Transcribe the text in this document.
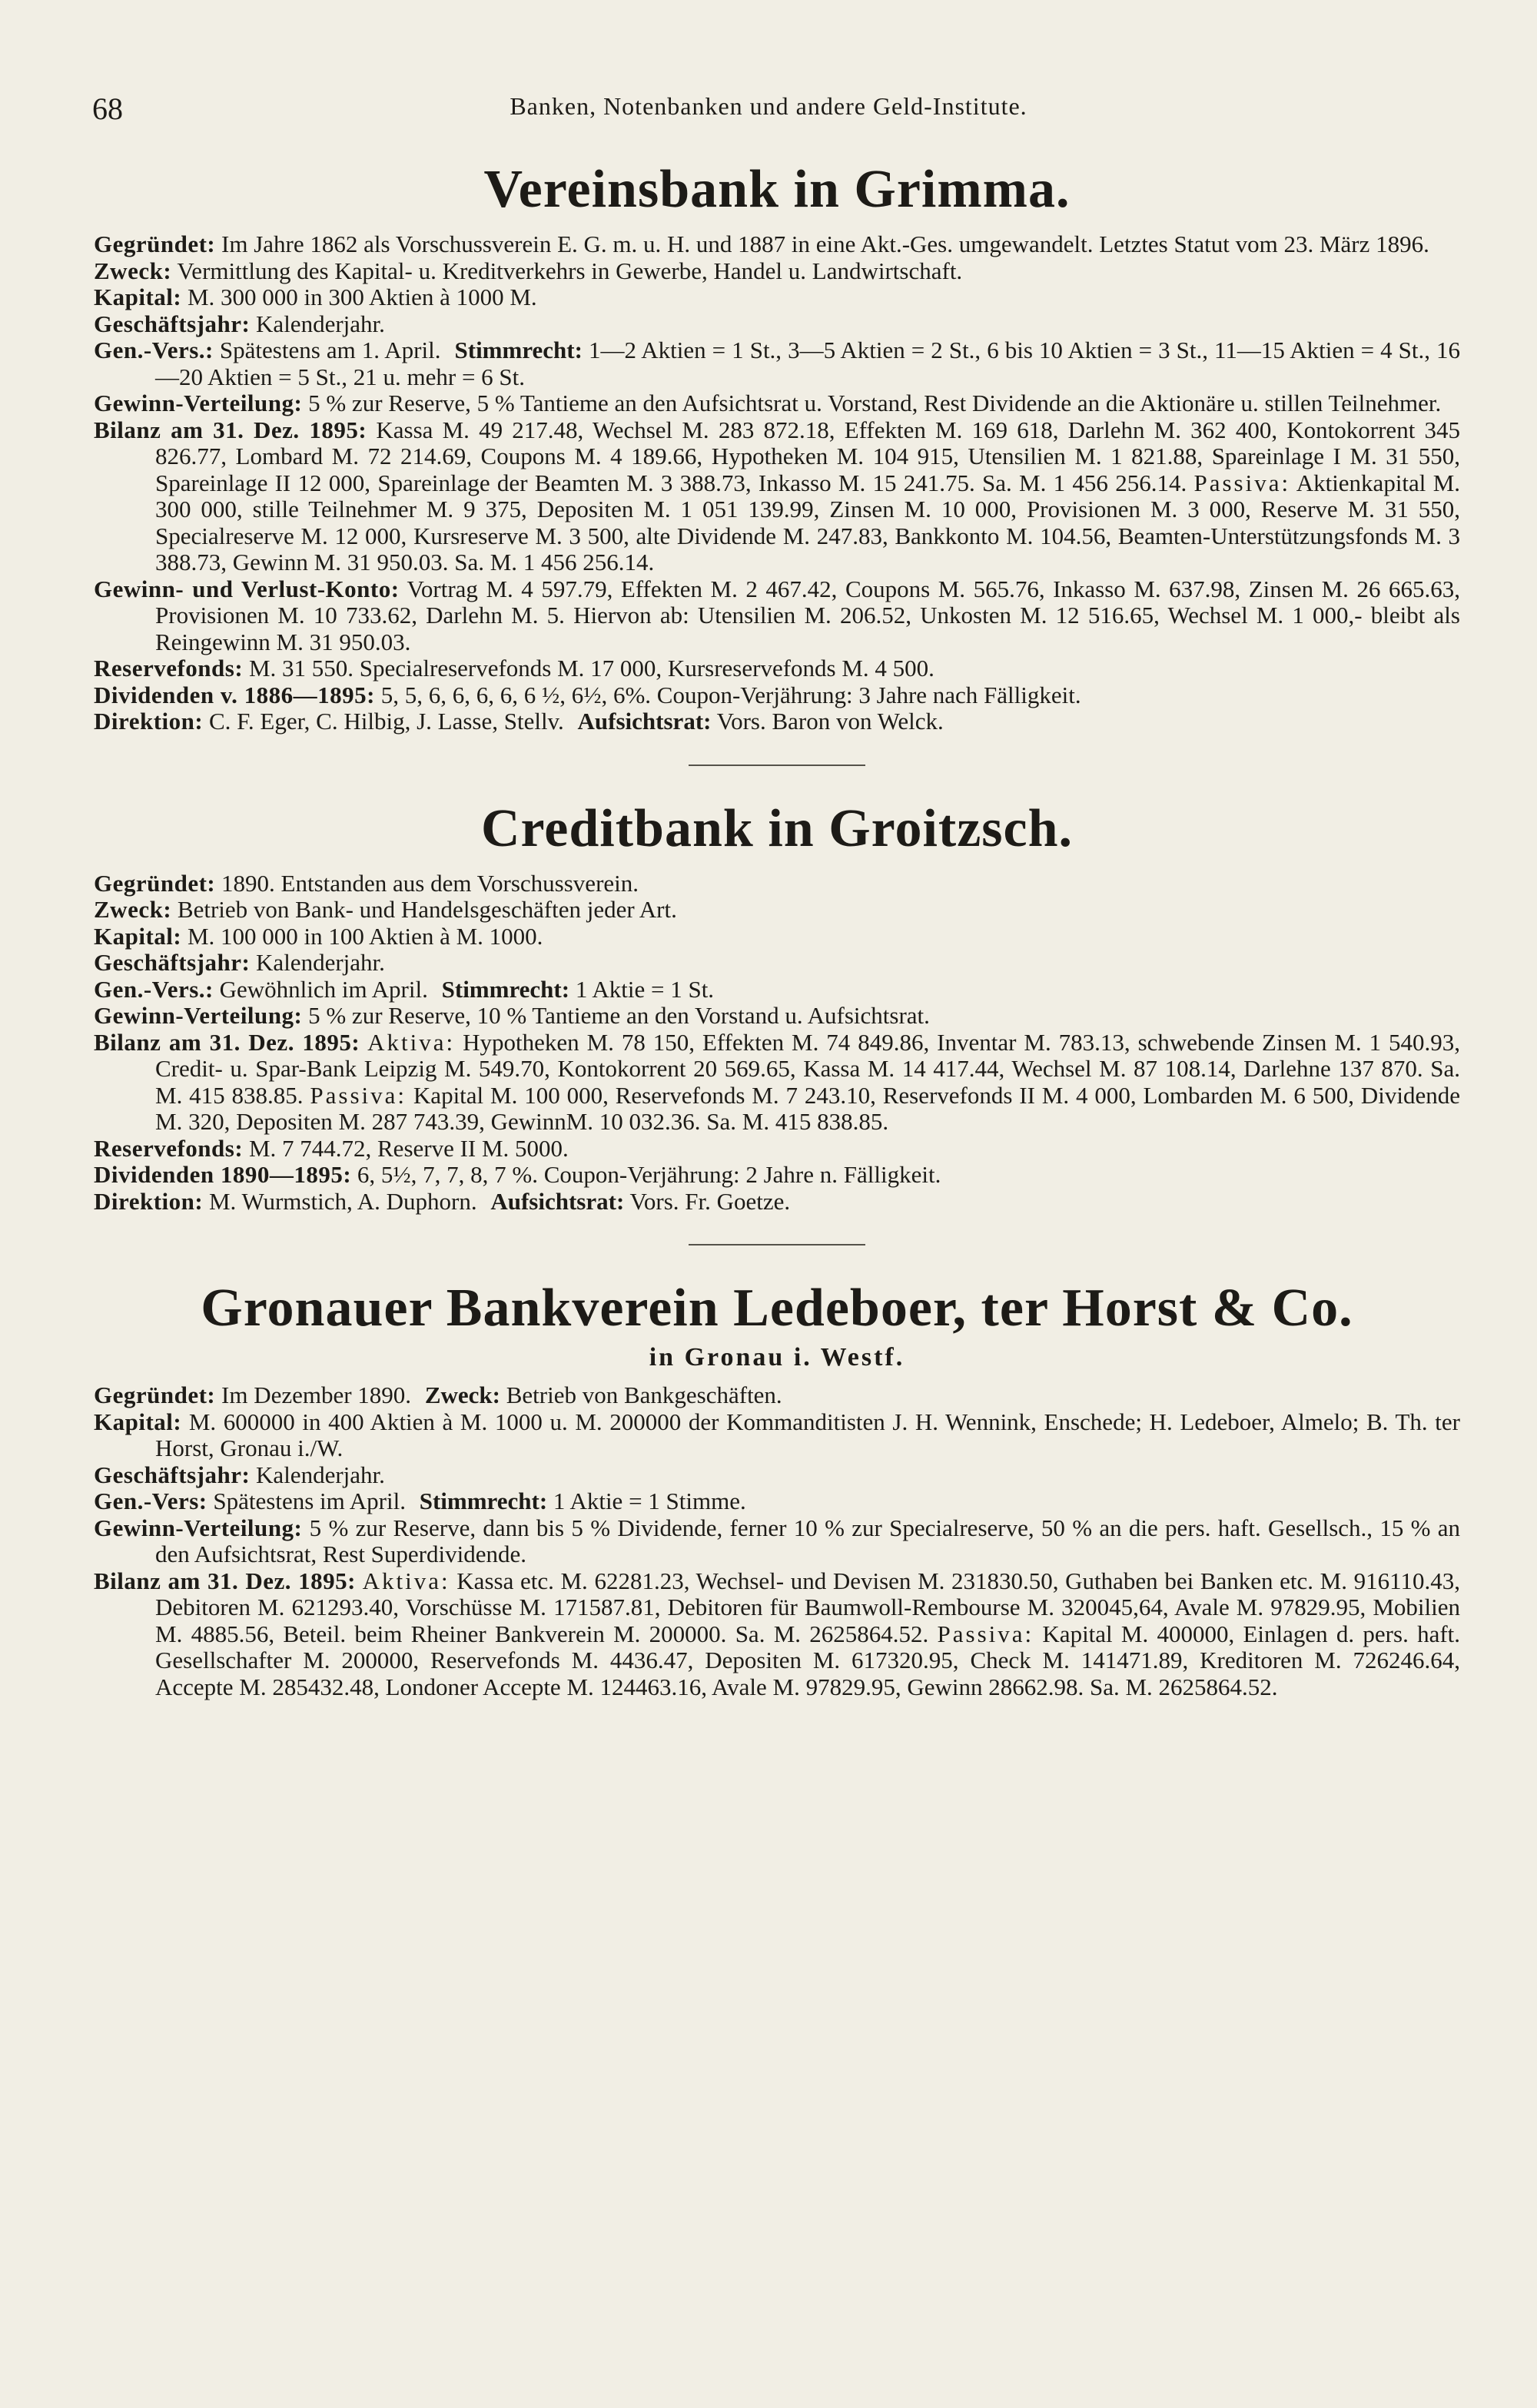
68	Banken, Notenbanken und andere Geld-Institute.
Vereinsbank in Grimma.

Gegründet: Im Jahre 1862 als Vorschussverein E. G. m. u. H. und 1887 in eine Akt.-Ges. umgewandelt. Letztes Statut vom 23. März 1896.

Zweck: Vermittlung des Kapital- u. Kreditverkehrs in Gewerbe, Handel u. Landwirtschaft.

Kapital: M. 300 000 in 300 Aktien à 1000 M.

Geschäftsjahr: Kalenderjahr.

Gen.-Vers.: Spätestens am 1. April. Stimmrecht: 1—2 Aktien = 1 St., 3—5 Aktien = 2 St., 6 bis 10 Aktien = 3 St., 11—15 Aktien = 4 St., 16—20 Aktien = 5 St., 21 u. mehr = 6 St.

Gewinn-Verteilung: 5 % zur Reserve, 5 % Tantieme an den Aufsichtsrat u. Vorstand, Rest Dividende an die Aktionäre u. stillen Teilnehmer.

Bilanz am 31. Dez. 1895: Kassa M. 49 217.48, Wechsel M. 283 872.18, Effekten M. 169 618, Darlehn M. 362 400, Kontokorrent 345 826.77, Lombard M. 72 214.69, Coupons M. 4 189.66, Hypotheken M. 104 915, Utensilien M. 1 821.88, Spareinlage I M. 31 550, Spareinlage II 12 000, Spareinlage der Beamten M. 3 388.73, Inkasso M. 15 241.75. Sa. M. 1 456 256.14. Passiva: Aktienkapital M. 300 000, stille Teilnehmer M. 9 375, Depositen M. 1 051 139.99, Zinsen M. 10 000, Provisionen M. 3 000, Reserve M. 31 550, Specialreserve M. 12 000, Kursreserve M. 3 500, alte Dividende M. 247.83, Bankkonto M. 104.56, Beamten-Unterstützungsfonds M. 3 388.73, Gewinn M. 31 950.03. Sa. M. 1 456 256.14.

Gewinn- und Verlust-Konto: Vortrag M. 4 597.79, Effekten M. 2 467.42, Coupons M. 565.76, Inkasso M. 637.98, Zinsen M. 26 665.63, Provisionen M. 10 733.62, Darlehn M. 5. Hiervon ab: Utensilien M. 206.52, Unkosten M. 12 516.65, Wechsel M. 1 000,- bleibt als Reingewinn M. 31 950.03.

Reservefonds: M. 31 550. Specialreservefonds M. 17 000, Kursreservefonds M. 4 500.

Dividenden v. 1886—1895: 5, 5, 6, 6, 6, 6, 6 ½, 6½, 6%. Coupon-Verjährung: 3 Jahre nach Fälligkeit.

Direktion: C. F. Eger, C. Hilbig, J. Lasse, Stellv. Aufsichtsrat: Vors. Baron von Welck.

Creditbank in Groitzsch.

Gegründet: 1890. Entstanden aus dem Vorschussverein.

Zweck: Betrieb von Bank- und Handelsgeschäften jeder Art.

Kapital: M. 100 000 in 100 Aktien à M. 1000.

Geschäftsjahr: Kalenderjahr.

Gen.-Vers.: Gewöhnlich im April. Stimmrecht: 1 Aktie = 1 St.

Gewinn-Verteilung: 5 % zur Reserve, 10 % Tantieme an den Vorstand u. Aufsichtsrat.

Bilanz am 31. Dez. 1895: Aktiva: Hypotheken M. 78 150, Effekten M. 74 849.86, Inventar M. 783.13, schwebende Zinsen M. 1 540.93, Credit- u. Spar-Bank Leipzig M. 549.70, Kontokorrent 20 569.65, Kassa M. 14 417.44, Wechsel M. 87 108.14, Darlehne 137 870. Sa. M. 415 838.85. Passiva: Kapital M. 100 000, Reservefonds M. 7 243.10, Reservefonds II M. 4 000, Lombarden M. 6 500, Dividende M. 320, Depositen M. 287 743.39, GewinnM. 10 032.36. Sa. M. 415 838.85.

Reservefonds: M. 7 744.72, Reserve II M. 5000.

Dividenden 1890—1895: 6, 5½, 7, 7, 8, 7 %. Coupon-Verjährung: 2 Jahre n. Fälligkeit.

Direktion: M. Wurmstich, A. Duphorn. Aufsichtsrat: Vors. Fr. Goetze.

Gronauer Bankverein Ledeboer, ter Horst & Co.
in Gronau i. Westf.

Gegründet: Im Dezember 1890. Zweck: Betrieb von Bankgeschäften.

Kapital: M. 600000 in 400 Aktien à M. 1000 u. M. 200000 der Kommanditisten J. H. Wennink, Enschede; H. Ledeboer, Almelo; B. Th. ter Horst, Gronau i./W.

Geschäftsjahr: Kalenderjahr.

Gen.-Vers: Spätestens im April. Stimmrecht: 1 Aktie = 1 Stimme.

Gewinn-Verteilung: 5 % zur Reserve, dann bis 5 % Dividende, ferner 10 % zur Specialreserve, 50 % an die pers. haft. Gesellsch., 15 % an den Aufsichtsrat, Rest Superdividende.

Bilanz am 31. Dez. 1895: Aktiva: Kassa etc. M. 62281.23, Wechsel- und Devisen M. 231830.50, Guthaben bei Banken etc. M. 916110.43, Debitoren M. 621293.40, Vorschüsse M. 171587.81, Debitoren für Baumwoll-Rembourse M. 320045,64, Avale M. 97829.95, Mobilien M. 4885.56, Beteil. beim Rheiner Bankverein M. 200000. Sa. M. 2625864.52. Passiva: Kapital M. 400000, Einlagen d. pers. haft. Gesellschafter M. 200000, Reservefonds M. 4436.47, Depositen M. 617320.95, Check M. 141471.89, Kreditoren M. 726246.64, Accepte M. 285432.48, Londoner Accepte M. 124463.16, Avale M. 97829.95, Gewinn 28662.98. Sa. M. 2625864.52.
